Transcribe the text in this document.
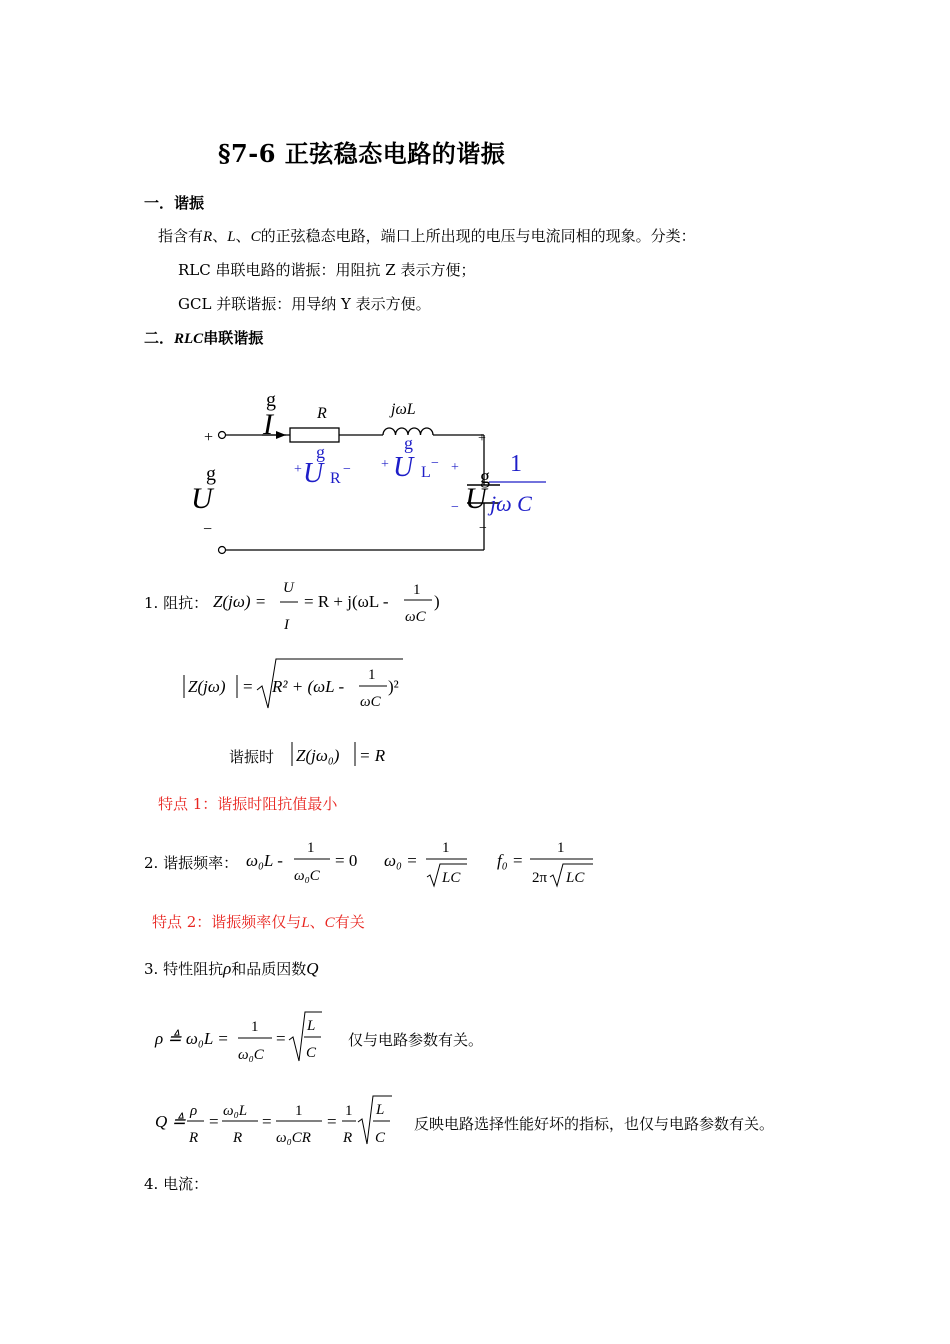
§7-6 正弦稳态电路的谐振
一．谐振
指含有R、L、C的正弦稳态电路，端口上所出现的电压与电流同相的现象。分类：
RLC 串联电路的谐振：用阻抗 Z 表示方便；
GCL 并联谐振：用导纳 Y 表示方便。
二．RLC串联谐振
g
I	R	jωL
+
g
U
−
g
+ U R
−
g
+ U L
− +
−
1
jω C
g
U
+
−
1. 阻抗： Z(jω) =
U
I
= R + j(ωL -
1
ωC
)
Z(jω) = R² + (ωL -
1
ωC
)²
谐振时 Z(jω₀) = R
特点 1：谐振时阻抗值最小
2. 谐振频率： ω₀L -
1
ω₀C
= 0 ω₀ =
1
LC
f₀ =
1
2π LC
特点 2：谐振频率仅与L、C有关
3. 特性阻抗ρ和品质因数Q
ρ ≜ ω₀L =
1
ω₀C
=
L
C
仅与电路参数有关。
Q ≜
ρ
R
=
ω₀L
R
=
1
ω₀CR
=
1
R
L
C
反映电路选择性能好坏的指标，也仅与电路参数有关。
4. 电流：
